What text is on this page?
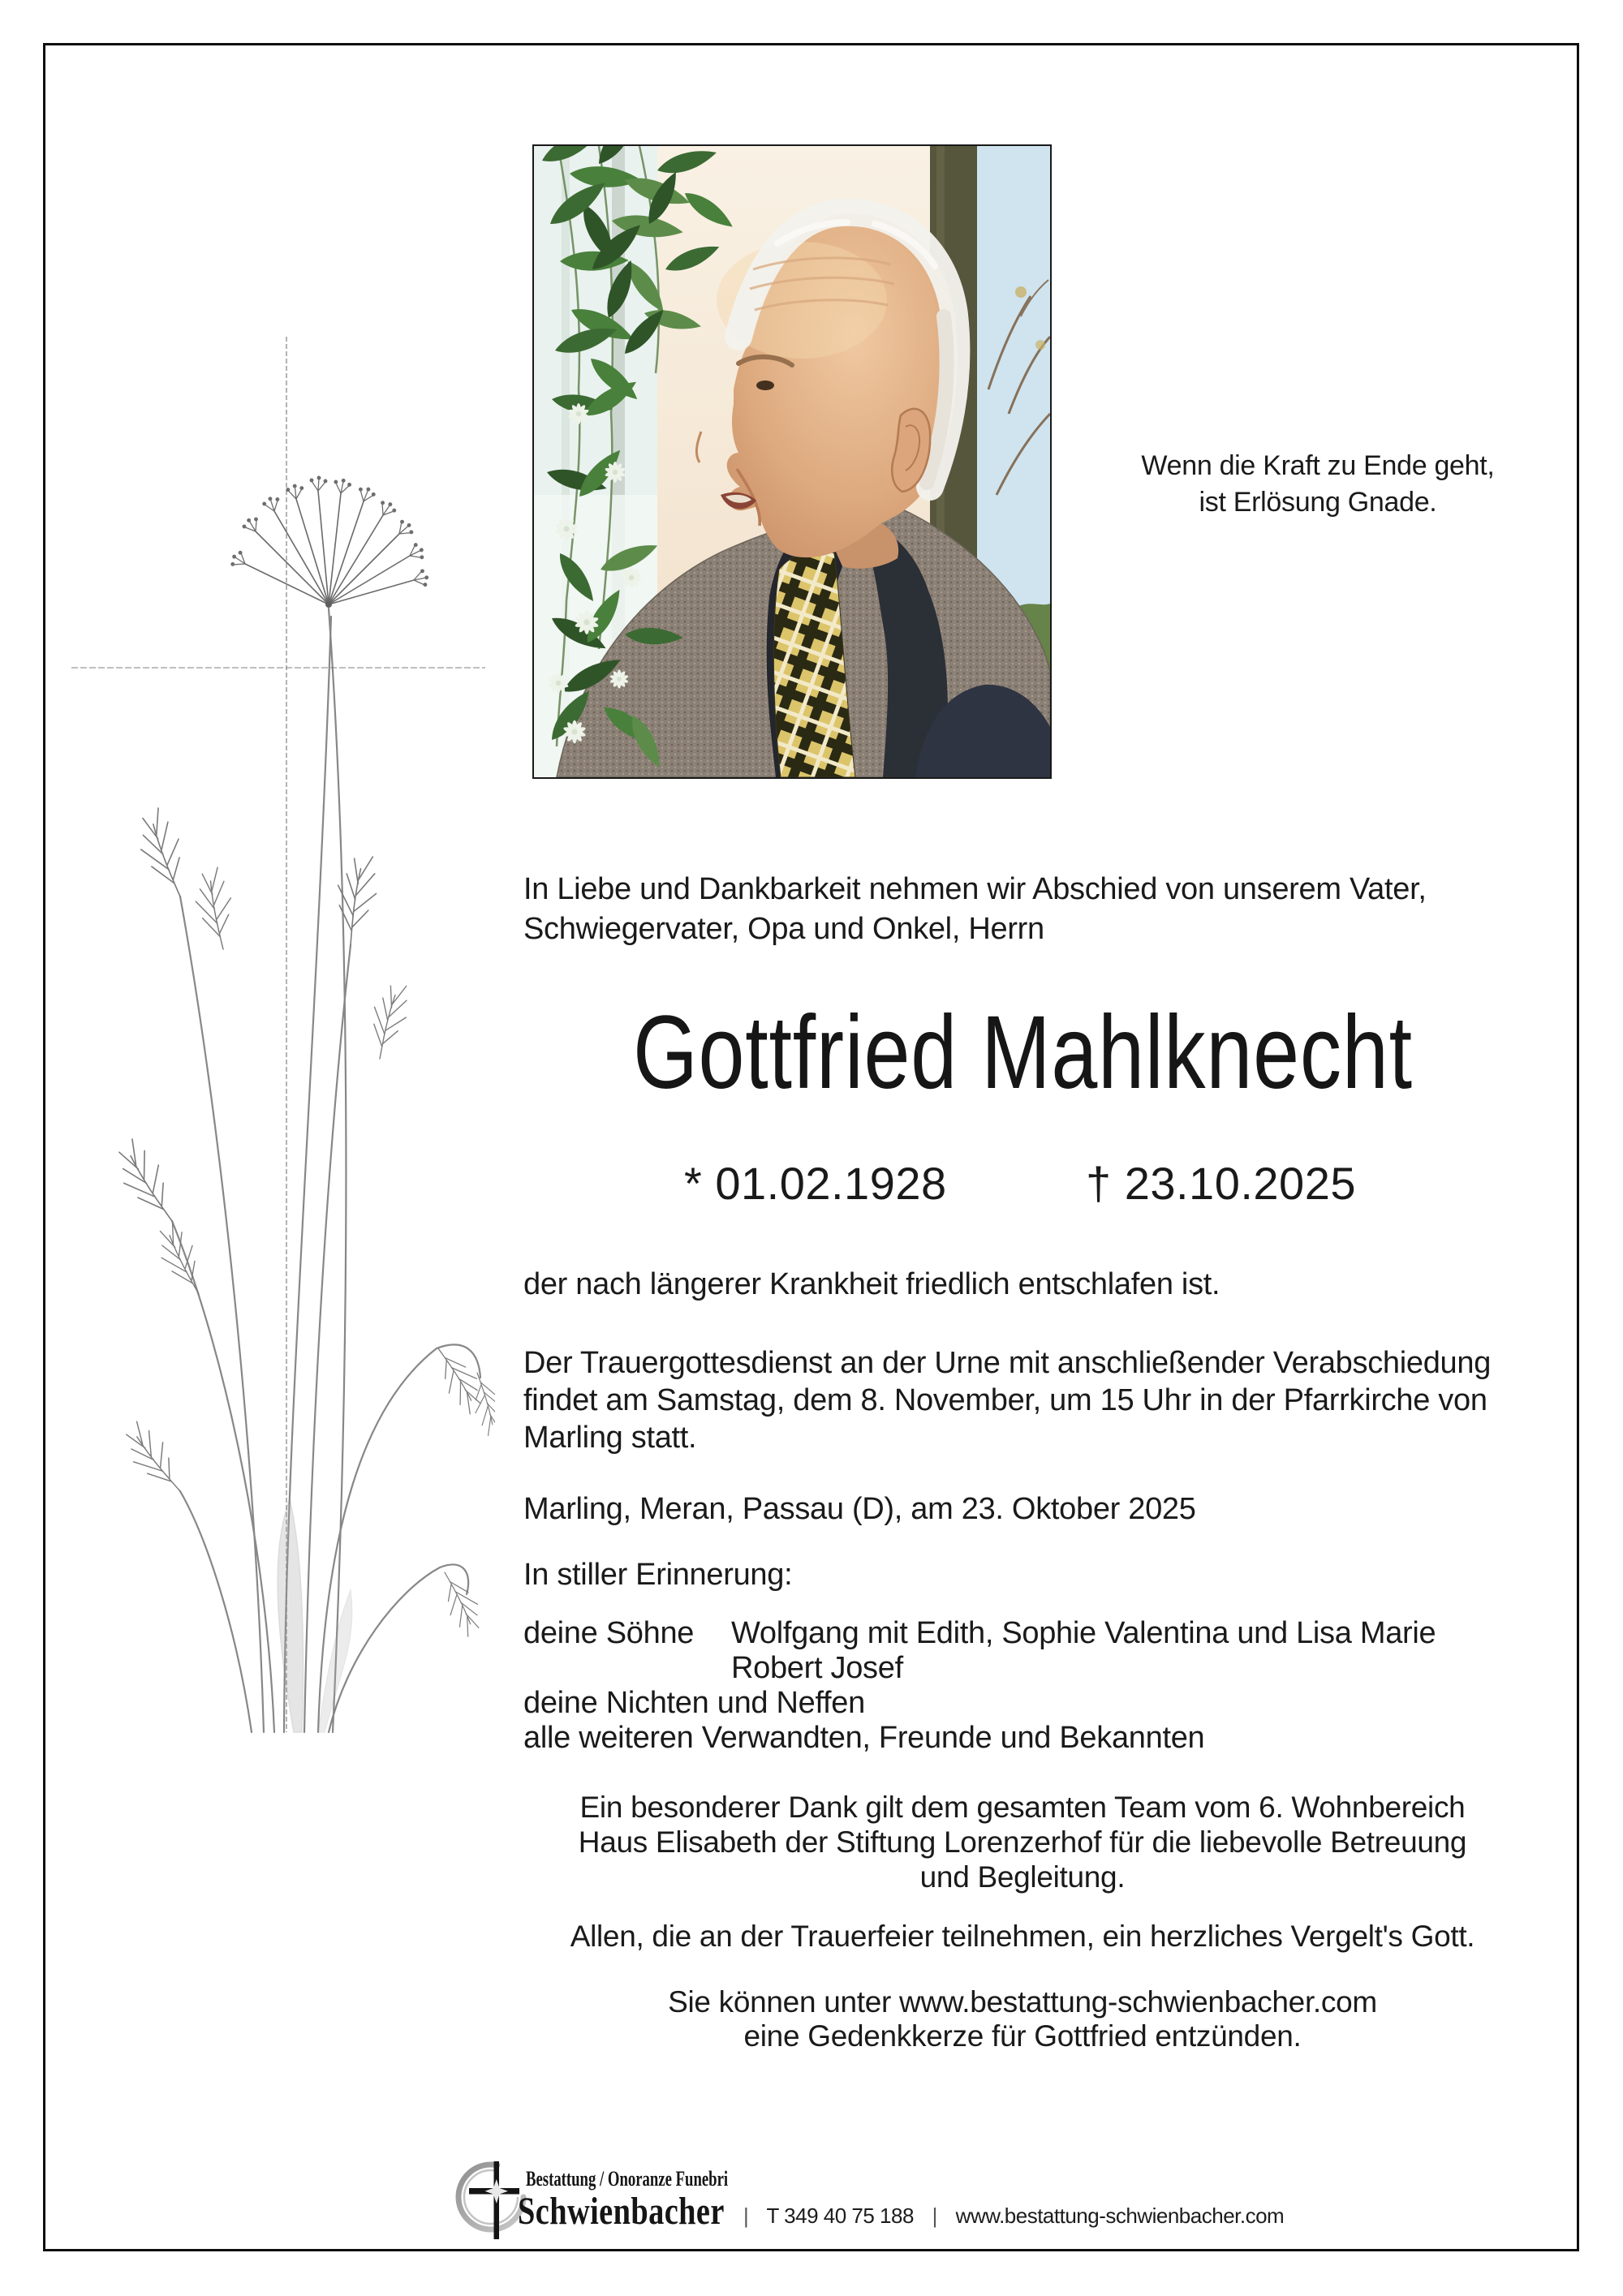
Wenn die Kraft zu Ende geht,
ist Erlösung Gnade.
In Liebe und Dankbarkeit nehmen wir Abschied von unserem Vater,
Schwiegervater, Opa und Onkel, Herrn
Gottfried Mahlknecht
* 01.02.1928	† 23.10.2025
der nach längerer Krankheit friedlich entschlafen ist.
Der Trauergottesdienst an der Urne mit anschließender Verabschiedung
findet am Samstag, dem 8. November, um 15 Uhr in der Pfarrkirche von
Marling statt.
Marling, Meran, Passau (D), am 23. Oktober 2025
In stiller Erinnerung:
deine Söhne	Wolfgang mit Edith, Sophie Valentina und Lisa Marie
Robert Josef
deine Nichten und Neffen
alle weiteren Verwandten, Freunde und Bekannten
Ein besonderer Dank gilt dem gesamten Team vom 6. Wohnbereich
Haus Elisabeth der Stiftung Lorenzerhof für die liebevolle Betreuung
und Begleitung.
Allen, die an der Trauerfeier teilnehmen, ein herzliches Vergelt's Gott.
Sie können unter www.bestattung-schwienbacher.com
eine Gedenkkerze für Gottfried entzünden.
Bestattung / Onoranze Funebri
Schwienbacher | T 349 40 75 188 | www.bestattung-schwienbacher.com
